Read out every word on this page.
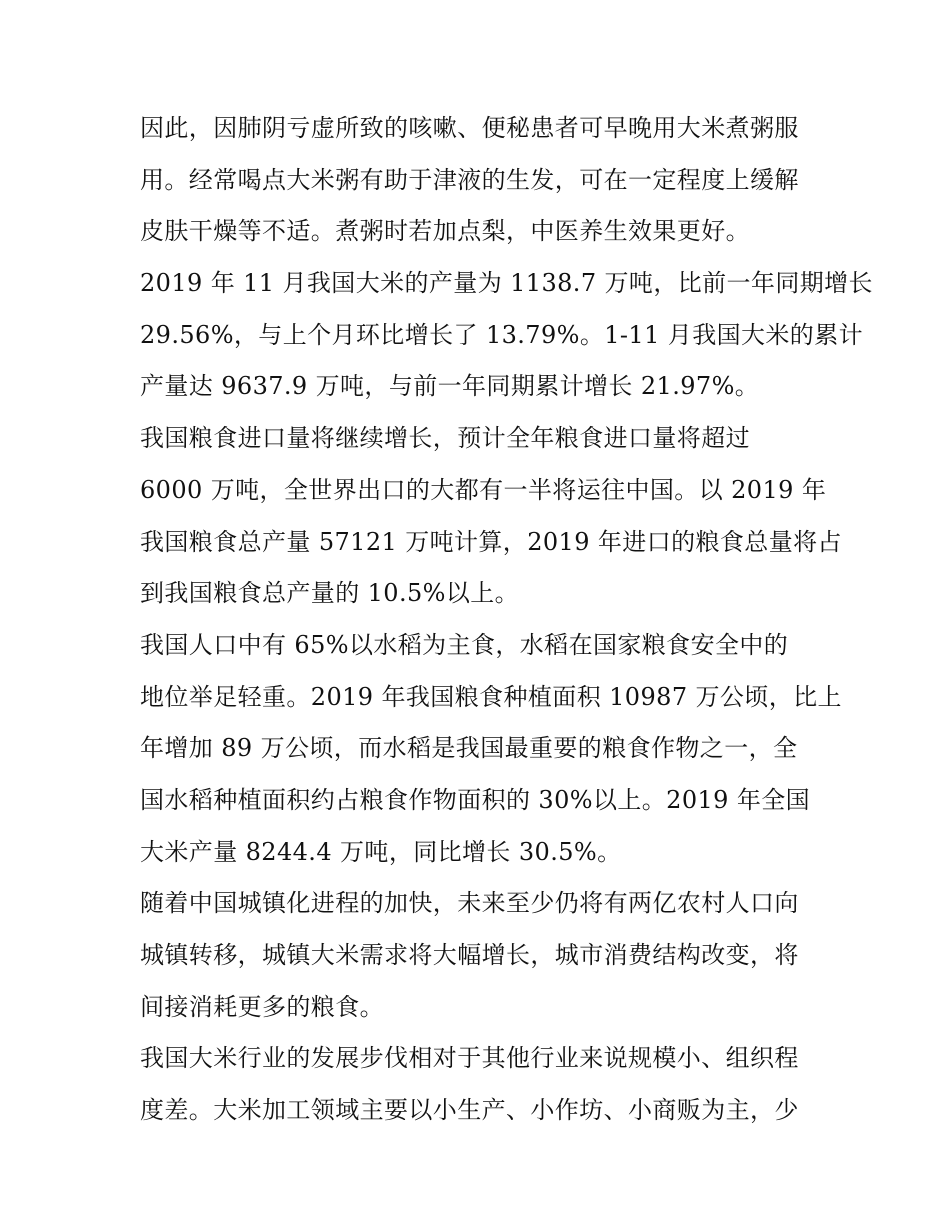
因此，因肺阴亏虚所致的咳嗽、便秘患者可早晚用大米煮粥服

用。经常喝点大米粥有助于津液的生发，可在一定程度上缓解

皮肤干燥等不适。煮粥时若加点梨，中医养生效果更好。

2019 年 11 月我国大米的产量为 1138.7 万吨，比前一年同期增长

29.56%，与上个月环比增长了 13.79%。1-11 月我国大米的累计

产量达 9637.9 万吨，与前一年同期累计增长 21.97%。

我国粮食进口量将继续增长，预计全年粮食进口量将超过

6000 万吨，全世界出口的大都有一半将运往中国。以 2019 年

我国粮食总产量 57121 万吨计算，2019 年进口的粮食总量将占

到我国粮食总产量的 10.5%以上。

我国人口中有 65%以水稻为主食，水稻在国家粮食安全中的

地位举足轻重。2019 年我国粮食种植面积 10987 万公顷，比上

年增加 89 万公顷，而水稻是我国最重要的粮食作物之一，全

国水稻种植面积约占粮食作物面积的 30%以上。2019 年全国

大米产量 8244.4 万吨，同比增长 30.5%。

随着中国城镇化进程的加快，未来至少仍将有两亿农村人口向

城镇转移，城镇大米需求将大幅增长，城市消费结构改变，将

间接消耗更多的粮食。

我国大米行业的发展步伐相对于其他行业来说规模小、组织程

度差。大米加工领域主要以小生产、小作坊、小商贩为主，少
